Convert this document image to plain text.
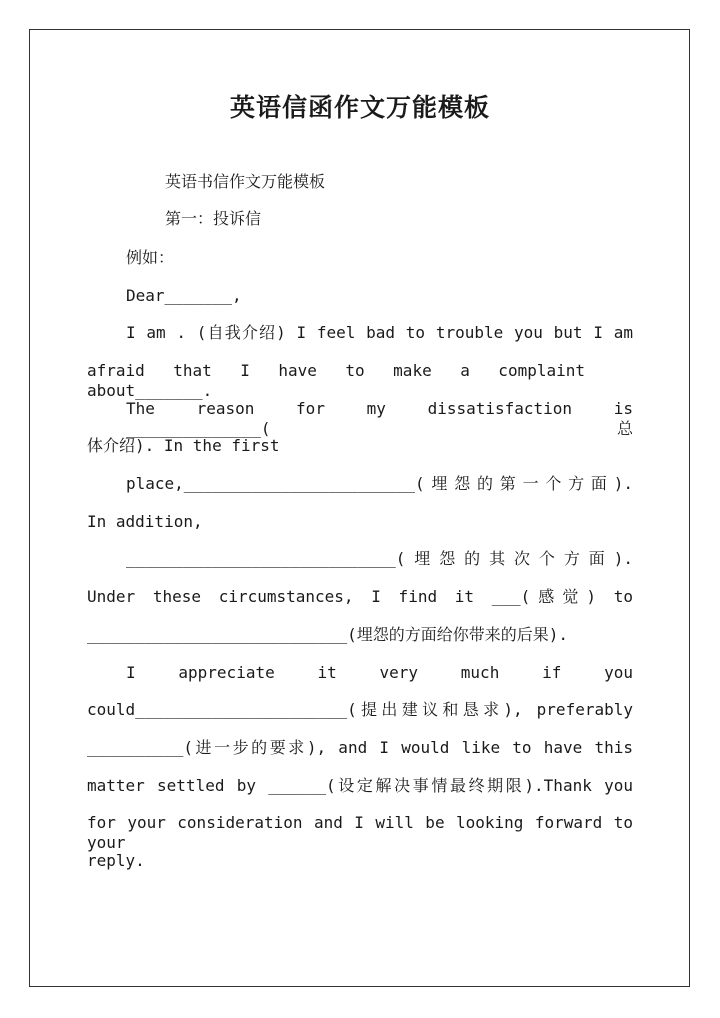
英语信函作文万能模板
英语书信作文万能模板
第一：投诉信
例如：
Dear_______,
I am . (自我介绍) I feel bad to trouble you but I am
afraid that I have to make a complaint about_______.
The reason for my dissatisfaction is ______________(总
体介绍). In the first
place,________________________(埋怨的第一个方面).
In addition,
____________________________(埋怨的其次个方面).
Under these circumstances, I find it ___(感觉) to
___________________________(埋怨的方面给你带来的后果).
I appreciate it very much if you
could______________________(提出建议和恳求), preferably
__________(进一步的要求), and I would like to have this
matter settled by ______(设定解决事情最终期限).Thank you
for your consideration and I will be looking forward to your
reply.
